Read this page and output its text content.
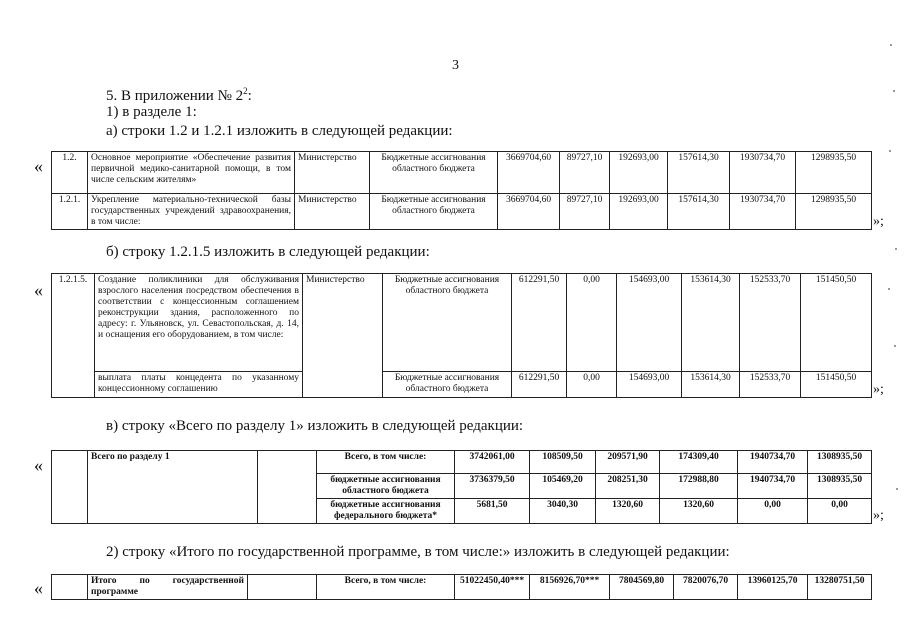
3
5. В приложении № $2^2$:
1) в разделе 1:
а) строки 1.2 и 1.2.1 изложить в следующей редакции:
« 1.2.	Основное мероприятие «Обеспечение развития первичной медико-санитарной помощи, в том числе сельским жителям»	Министерство	Бюджетные ассигнования областного бюджета	3669704,60	89727,10	192693,00	157614,30	1930734,70	1298935,50
1.2.1.	Укрепление материально-технической базы государственных учреждений здравоохранения, в том числе:	Министерство	Бюджетные ассигнования областного бюджета	3669704,60	89727,10	192693,00	157614,30	1930734,70	1298935,50
»;
б) строку 1.2.1.5 изложить в следующей редакции:
« 1.2.1.5.	Создание поликлиники для обслуживания взрослого населения посредством обеспечения в соответствии с концессионным соглашением реконструкции здания, расположенного по адресу: г. Ульяновск, ул. Севастопольская, д. 14, и оснащения его оборудованием, в том числе:	Министерство	Бюджетные ассигнования областного бюджета	612291,50	0,00	154693,00	153614,30	152533,70	151450,50
	выплата платы концедента по указанному концессионному соглашению		Бюджетные ассигнования областного бюджета	612291,50	0,00	154693,00	153614,30	152533,70	151450,50
»;
в) строку «Всего по разделу 1» изложить в следующей редакции:
«
		Всего по разделу 1		Всего, в том числе:	3742061,00	108509,50	209571,90	174309,40	1940734,70	1308935,50
			бюджетные ассигнования областного бюджета	3736379,50	105469,20	208251,30	172988,80	1940734,70	1308935,50
			бюджетные ассигнования федерального бюджета*	5681,50	3040,30	1320,60	1320,60	0,00	0,00
»;
2) строку «Итого по государственной программе, в том числе:» изложить в следующей редакции:
«
		Итого по государственной программе		Всего, в том числе:	51022450,40***	8156926,70***	7804569,80	7820076,70	13960125,70	13280751,50
